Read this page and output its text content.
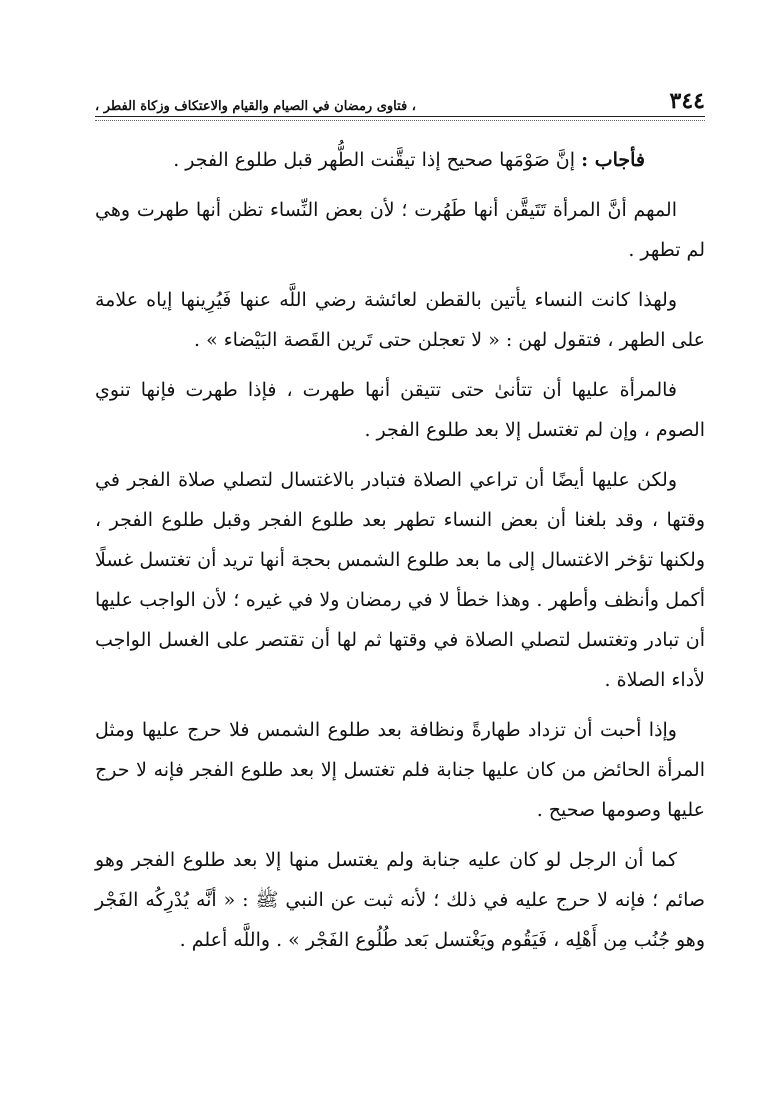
٣٤٤
، فتاوى رمضان في الصيام والقيام والاعتكاف وزكاة الفطر ،

فأجاب : إنَّ صَوْمَها صحيح إذا تيقَّنت الطُّهر قبل طلوع الفجر .

المهم أنَّ المرأة تَتَيقَّن أنها طَهُرت ؛ لأن بعض النِّساء تظن أنها طهرت وهي لم تطهر .

ولهذا كانت النساء يأتين بالقطن لعائشة رضي اللَّه عنها فَيُرِينها إياه علامة على الطهر ، فتقول لهن : « لا تعجلن حتى تَرين القَصة البَيْضاء » .

فالمرأة عليها أن تتأنىٰ حتى تتيقن أنها طهرت ، فإذا طهرت فإنها تنوي الصوم ، وإن لم تغتسل إلا بعد طلوع الفجر .

ولكن عليها أيضًا أن تراعي الصلاة فتبادر بالاغتسال لتصلي صلاة الفجر في وقتها ، وقد بلغنا أن بعض النساء تطهر بعد طلوع الفجر وقبل طلوع الفجر ، ولكنها تؤخر الاغتسال إلى ما بعد طلوع الشمس بحجة أنها تريد أن تغتسل غسلًا أكمل وأنظف وأطهر . وهذا خطأ لا في رمضان ولا في غيره ؛ لأن الواجب عليها أن تبادر وتغتسل لتصلي الصلاة في وقتها ثم لها أن تقتصر على الغسل الواجب لأداء الصلاة .

وإذا أحبت أن تزداد طهارةً ونظافة بعد طلوع الشمس فلا حرج عليها ومثل المرأة الحائض من كان عليها جنابة فلم تغتسل إلا بعد طلوع الفجر فإنه لا حرج عليها وصومها صحيح .

كما أن الرجل لو كان عليه جنابة ولم يغتسل منها إلا بعد طلوع الفجر وهو صائم ؛ فإنه لا حرج عليه في ذلك ؛ لأنه ثبت عن النبي ﷺ : « أنَّه يُدْرِكُه الفَجْر وهو جُنُب مِن أَهْلِه ، فَيَقُوم ويَغْتسل بَعد طُلُوع الفَجْر » . واللَّه أعلم .
